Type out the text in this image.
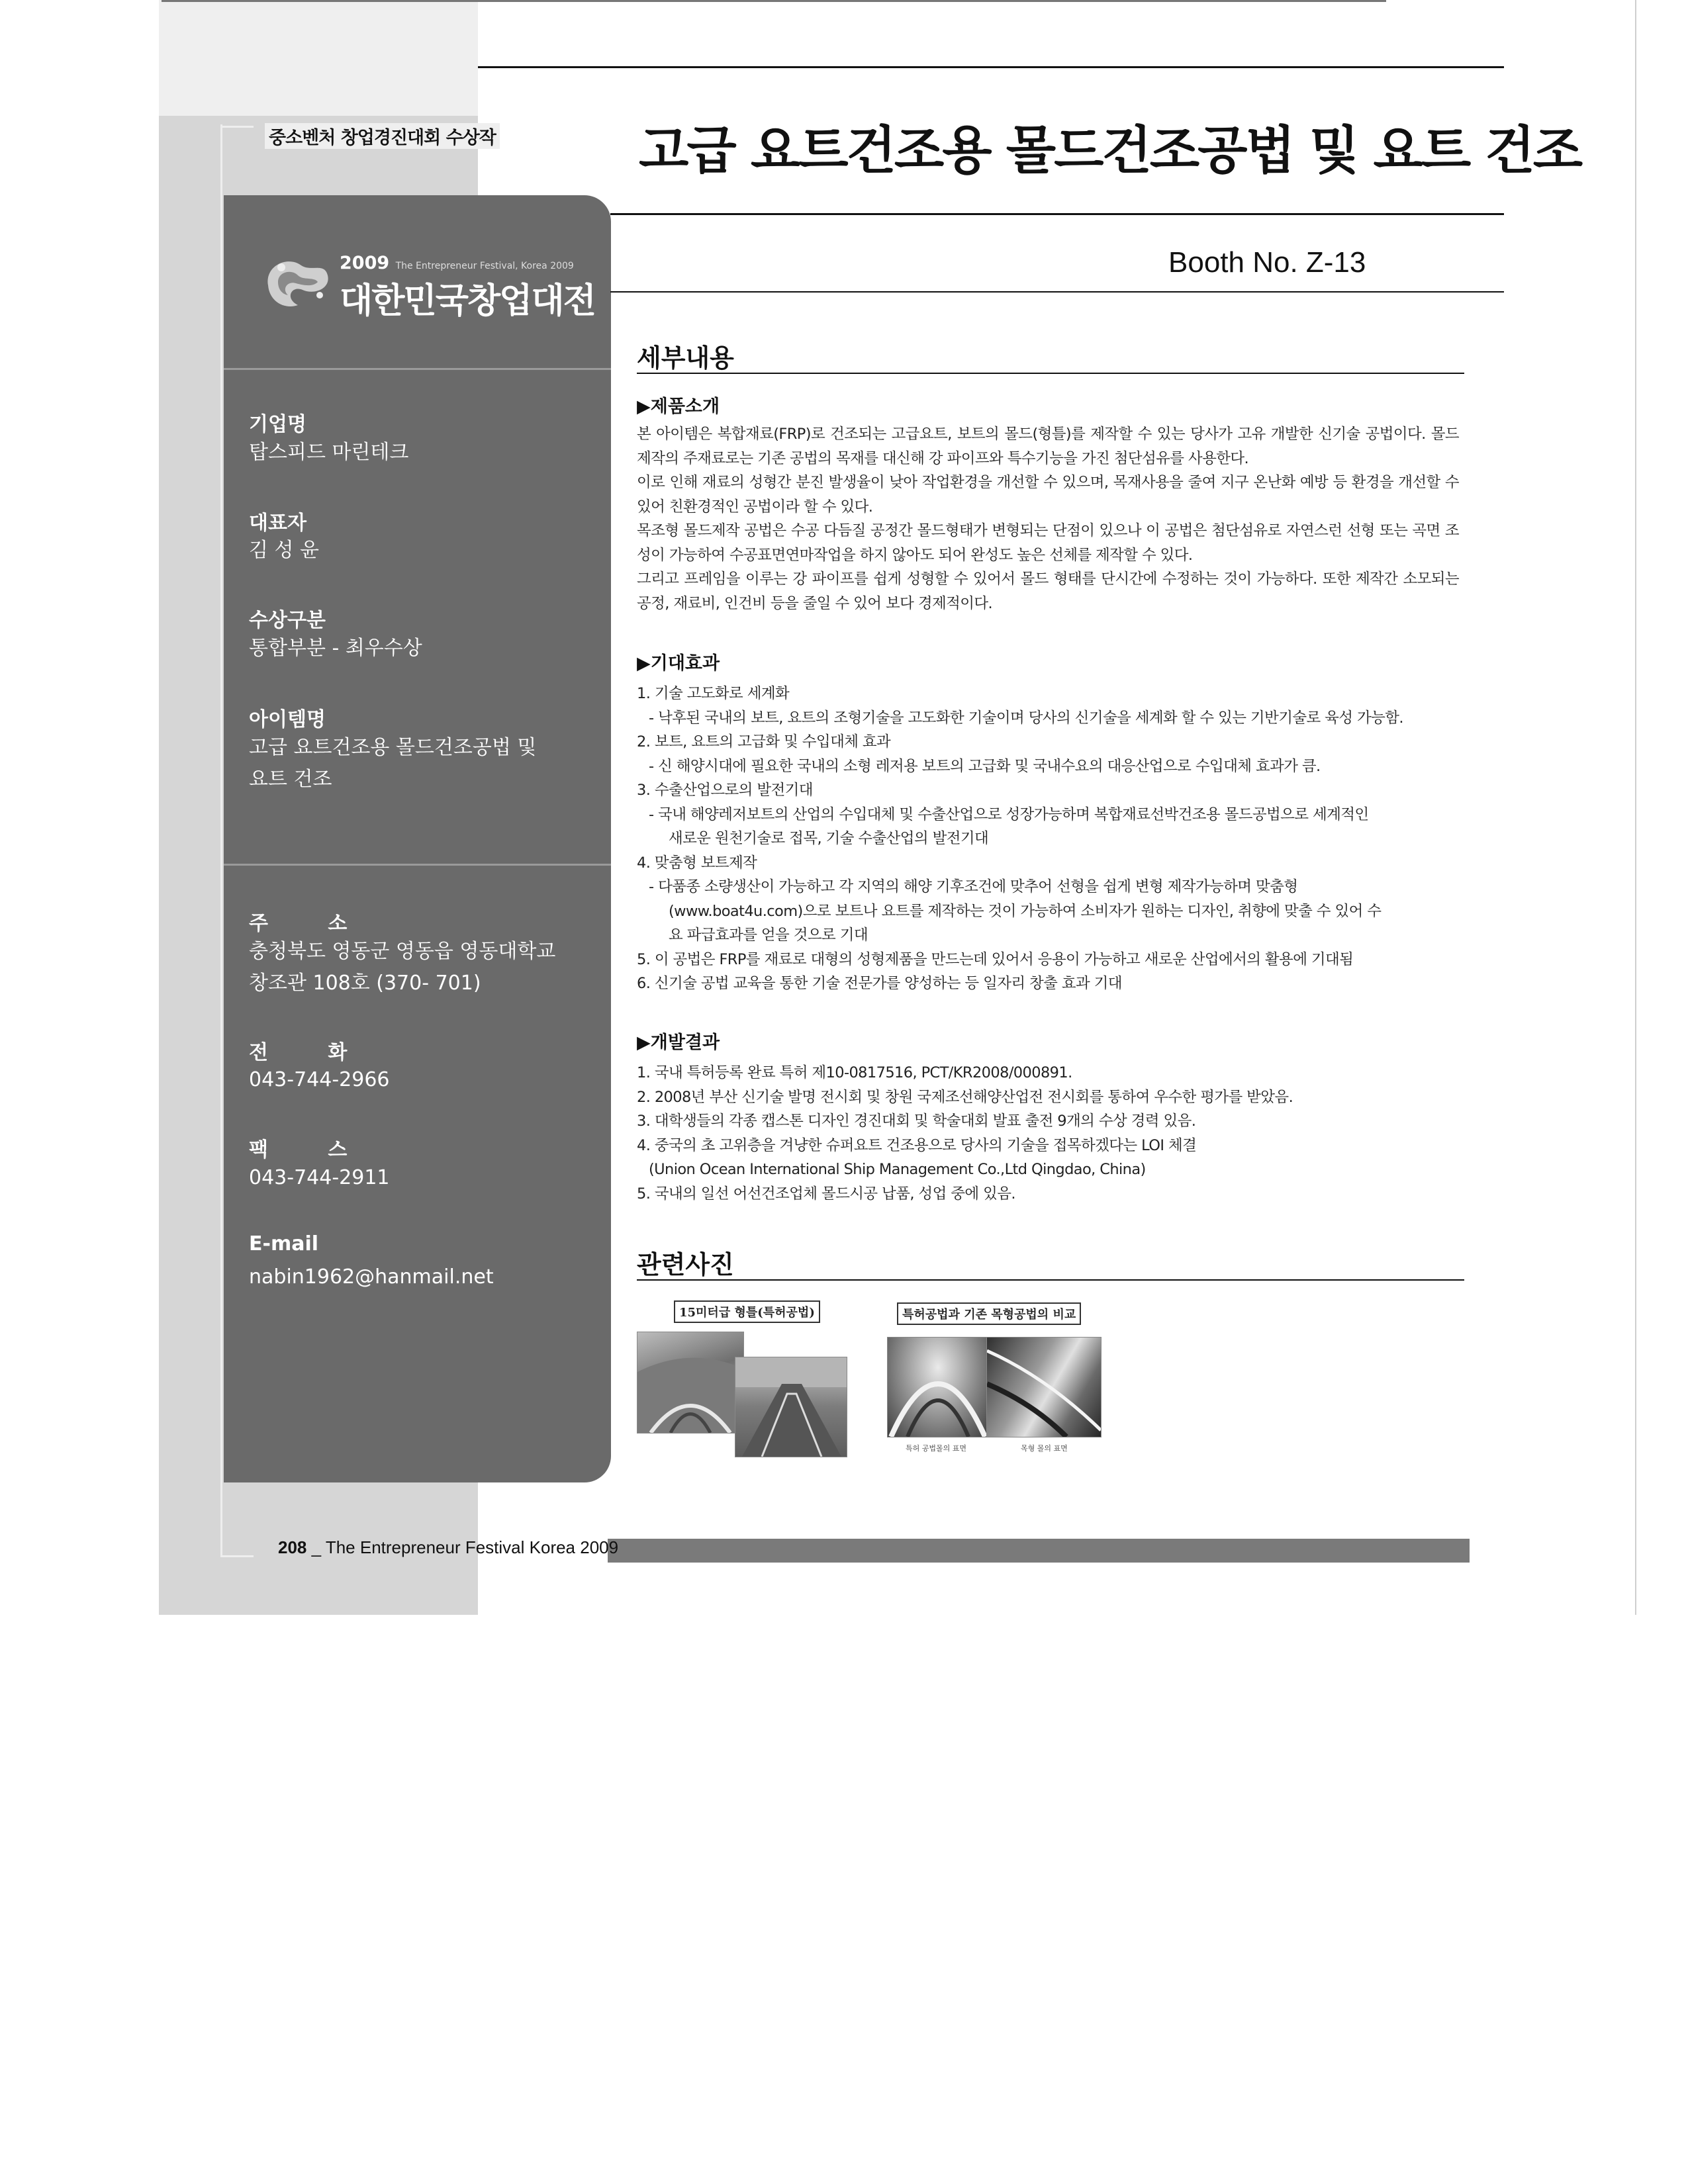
중소벤처 창업경진대회 수상작
2009 The Entrepreneur Festival, Korea 2009
대한민국창업대전
기업명
탑스피드 마린테크
대표자
김 성 윤
수상구분
통합부분 - 최우수상
아이템명
고급 요트건조용 몰드건조공법 및
요트 건조
주 소
충청북도 영동군 영동읍 영동대학교
창조관 108호 (370- 701)
전 화
043-744-2966
팩 스
043-744-2911
E-mail
nabin1962@hanmail.net
고급 요트건조용 몰드건조공법 및 요트 건조
Booth No. Z-13
세부내용
▶제품소개

본 아이템은 복합재료(FRP)로 건조되는 고급요트, 보트의 몰드(형틀)를 제작할 수 있는 당사가 고유 개발한 신기술 공법이다. 몰드 제작의 주재료로는 기존 공법의 목재를 대신해 강 파이프와 특수기능을 가진 첨단섬유를 사용한다.

이로 인해 재료의 성형간 분진 발생율이 낮아 작업환경을 개선할 수 있으며, 목재사용을 줄여 지구 온난화 예방 등 환경을 개선할 수 있어 친환경적인 공법이라 할 수 있다.

목조형 몰드제작 공법은 수공 다듬질 공정간 몰드형태가 변형되는 단점이 있으나 이 공법은 첨단섬유로 자연스런 선형 또는 곡면 조성이 가능하여 수공표면연마작업을 하지 않아도 되어 완성도 높은 선체를 제작할 수 있다.

그리고 프레임을 이루는 강 파이프를 쉽게 성형할 수 있어서 몰드 형태를 단시간에 수정하는 것이 가능하다. 또한 제작간 소모되는 공정, 재료비, 인건비 등을 줄일 수 있어 보다 경제적이다.

▶기대효과
1. 기술 고도화로 세계화
- 낙후된 국내의 보트, 요트의 조형기술을 고도화한 기술이며 당사의 신기술을 세계화 할 수 있는 기반기술로 육성 가능함.
2. 보트, 요트의 고급화 및 수입대체 효과
- 신 해양시대에 필요한 국내의 소형 레저용 보트의 고급화 및 국내수요의 대응산업으로 수입대체 효과가 큼.
3. 수출산업으로의 발전기대
- 국내 해양레저보트의 산업의 수입대체 및 수출산업으로 성장가능하며 복합재료선박건조용 몰드공법으로 세계적인
새로운 원천기술로 접목, 기술 수출산업의 발전기대
4. 맞춤형 보트제작
- 다품종 소량생산이 가능하고 각 지역의 해양 기후조건에 맞추어 선형을 쉽게 변형 제작가능하며 맞춤형
(www.boat4u.com)으로 보트나 요트를 제작하는 것이 가능하여 소비자가 원하는 디자인, 취향에 맞출 수 있어 수
요 파급효과를 얻을 것으로 기대
5. 이 공법은 FRP를 재료로 대형의 성형제품을 만드는데 있어서 응용이 가능하고 새로운 산업에서의 활용에 기대됨
6. 신기술 공법 교육을 통한 기술 전문가를 양성하는 등 일자리 창출 효과 기대
▶개발결과
1. 국내 특허등록 완료 특허 제10-0817516, PCT/KR2008/000891.
2. 2008년 부산 신기술 발명 전시회 및 창원 국제조선해양산업전 전시회를 통하여 우수한 평가를 받았음.
3. 대학생들의 각종 캡스톤 디자인 경진대회 및 학술대회 발표 출전 9개의 수상 경력 있음.
4. 중국의 초 고위층을 겨냥한 슈퍼요트 건조용으로 당사의 기술을 접목하겠다는 LOI 체결
(Union Ocean International Ship Management Co.,Ltd Qingdao, China)
5. 국내의 일선 어선건조업체 몰드시공 납품, 성업 중에 있음.
관련사진
15미터급 형틀(특허공법)	특허공법과 기존 목형공법의 비교
특허 공법몰의 표면	목형 몰의 표면
208 _ The Entrepreneur Festival Korea 2009
